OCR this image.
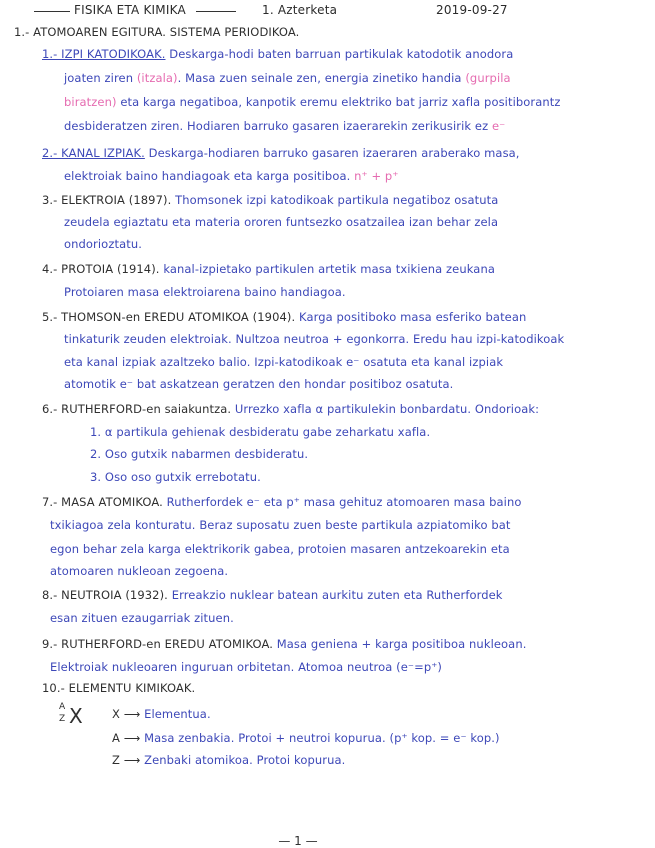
FISIKA ETA KIMIKA	1. Azterketa	2019-09-27
1.- ATOMOAREN EGITURA. SISTEMA PERIODIKOA.
1.- IZPI KATODIKOAK. Deskarga-hodi baten barruan partikulak katodotik anodora
joaten ziren (itzala). Masa zuen seinale zen, energia zinetiko handia (gurpila
biratzen) eta karga negatiboa, kanpotik eremu elektriko bat jarriz xafla positiborantz
desbideratzen ziren. Hodiaren barruko gasaren izaerarekin zerikusirik ez e⁻
2.- KANAL IZPIAK. Deskarga-hodiaren barruko gasaren izaeraren araberako masa,
elektroiak baino handiagoak eta karga positiboa. n⁺ + p⁺
3.- ELEKTROIA (1897). Thomsonek izpi katodikoak partikula negatiboz osatuta
zeudela egiaztatu eta materia ororen funtsezko osatzailea izan behar zela
ondorioztatu.
4.- PROTOIA (1914). kanal-izpietako partikulen artetik masa txikiena zeukana
Protoiaren masa elektroiarena baino handiagoa.
5.- THOMSON-en EREDU ATOMIKOA (1904). Karga positiboko masa esferiko batean
tinkaturik zeuden elektroiak. Nultzoa neutroa + egonkorra. Eredu hau izpi-katodikoak
eta kanal izpiak azaltzeko balio. Izpi-katodikoak e⁻ osatuta eta kanal izpiak
atomotik e⁻ bat askatzean geratzen den hondar positiboz osatuta.
6.- RUTHERFORD-en saiakuntza. Urrezko xafla α partikulekin bonbardatu. Ondorioak:
1. α partikula gehienak desbideratu gabe zeharkatu xafla.
2. Oso gutxik nabarmen desbideratu.
3. Oso oso gutxik errebotatu.
7.- MASA ATOMIKOA. Rutherfordek e⁻ eta p⁺ masa gehituz atomoaren masa baino
txikiagoa zela konturatu. Beraz suposatu zuen beste partikula azpiatomiko bat
egon behar zela karga elektrikorik gabea, protoien masaren antzekoarekin eta
atomoaren nukleoan zegoena.
8.- NEUTROIA (1932). Erreakzio nuklear batean aurkitu zuten eta Rutherfordek
esan zituen ezaugarriak zituen.
9.- RUTHERFORD-en EREDU ATOMIKOA. Masa geniena + karga positiboa nukleoan.
Elektroiak nukleoaren inguruan orbitetan. Atomoa neutroa (e⁻=p⁺)
10.- ELEMENTU KIMIKOAK.
A
Z X	X ⟶ Elementua.
A ⟶ Masa zenbakia. Protoi + neutroi kopurua. (p⁺ kop. = e⁻ kop.)
Z ⟶ Zenbaki atomikoa. Protoi kopurua.
— 1 —
